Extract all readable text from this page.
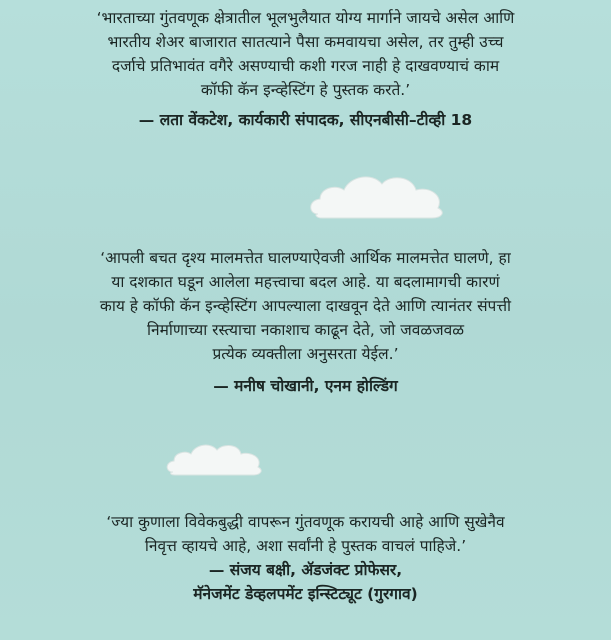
‘भारताच्या गुंतवणूक क्षेत्रातील भूलभुलैयात योग्य मार्गाने जायचे असेल आणि
भारतीय शेअर बाजारात सातत्याने पैसा कमवायचा असेल, तर तुम्ही उच्च
दर्जाचे प्रतिभावंत वगैरे असण्याची कशी गरज नाही हे दाखवण्याचं काम
कॉफी कॅन इन्व्हेस्टिंग हे पुस्तक करते.’
— लता वेंकटेश, कार्यकारी संपादक, सीएनबीसी–टीव्ही 18
‘आपली बचत दृश्य मालमत्तेत घालण्याऐवजी आर्थिक मालमत्तेत घालणे, हा
या दशकात घडून आलेला महत्त्वाचा बदल आहे. या बदलामागची कारणं
काय हे कॉफी कॅन इन्व्हेस्टिंग आपल्याला दाखवून देते आणि त्यानंतर संपत्ती
निर्माणाच्या रस्त्याचा नकाशाच काढून देते, जो जवळजवळ
प्रत्येक व्यक्तीला अनुसरता येईल.’
— मनीष चोखानी, एनम होल्डिंग
‘ज्या कुणाला विवेकबुद्धी वापरून गुंतवणूक करायची आहे आणि सुखेनैव
निवृत्त व्हायचे आहे, अशा सर्वांनी हे पुस्तक वाचलं पाहिजे.’
— संजय बक्षी, ॲडजंक्ट प्रोफेसर,
मॅनेजमेंट डेव्हलपमेंट इन्स्टिट्यूट (गुरगाव)
